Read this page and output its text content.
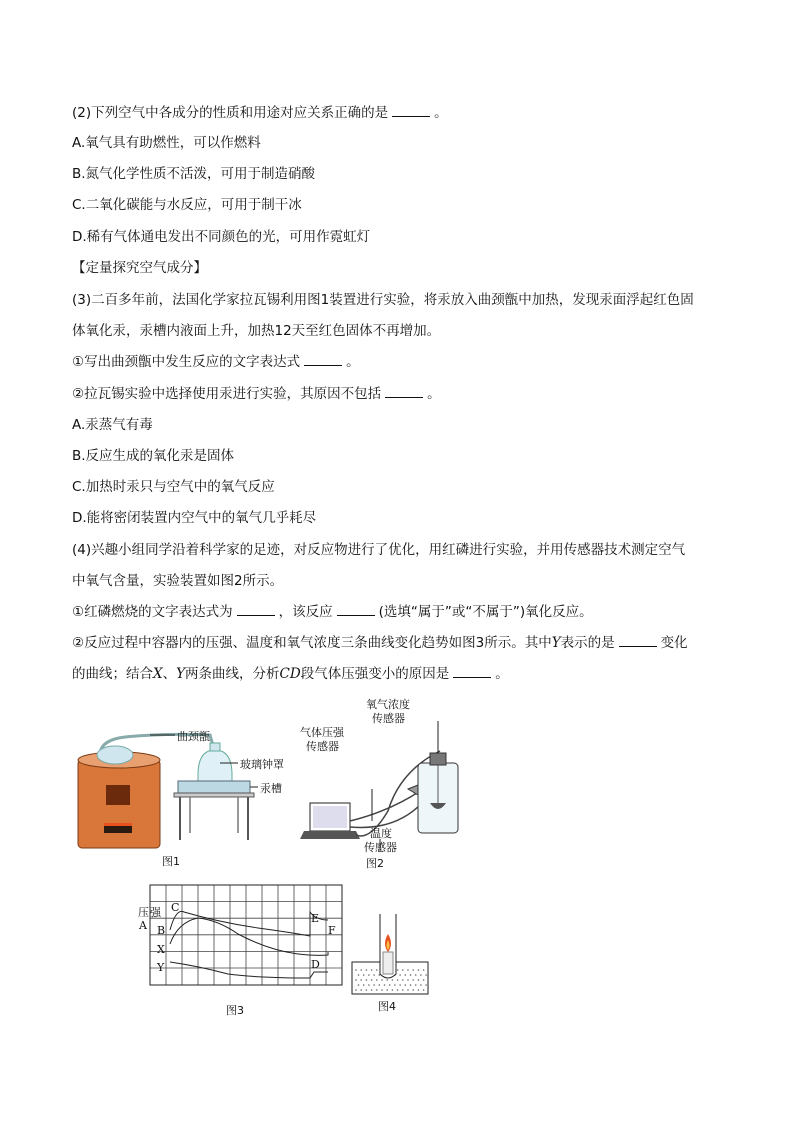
(2)下列空气中各成分的性质和用途对应关系正确的是	。
A.氧气具有助燃性，可以作燃料
B.氮气化学性质不活泼，可用于制造硝酸
C.二氧化碳能与水反应，可用于制干冰
D.稀有气体通电发出不同颜色的光，可用作霓虹灯
【定量探究空气成分】
(3)二百多年前，法国化学家拉瓦锡利用图1装置进行实验，将汞放入曲颈甑中加热，发现汞面浮起红色固
体氧化汞，汞槽内液面上升，加热12天至红色固体不再增加。
①写出曲颈甑中发生反应的文字表达式	。
②拉瓦锡实验中选择使用汞进行实验，其原因不包括	。
A.汞蒸气有毒
B.反应生成的氧化汞是固体
C.加热时汞只与空气中的氧气反应
D.能将密闭装置内空气中的氧气几乎耗尽
(4)兴趣小组同学沿着科学家的足迹，对反应物进行了优化，用红磷进行实验，并用传感器技术测定空气
中氧气含量，实验装置如图2所示。
①红磷燃烧的文字表达式为	，该反应	(选填“属于”或“不属于”)氧化反应。
②反应过程中容器内的压强、温度和氧气浓度三条曲线变化趋势如图3所示。其中Y表示的是	变化
的曲线；结合X、Y两条曲线，分析CD段气体压强变小的原因是	。
曲颈甑
玻璃钟罩
汞槽
图1
气体压强
传感器
氧气浓度
传感器
温度
传感器
图2
压 强
A B
C
X
Y	D
E
F
图3	图4
